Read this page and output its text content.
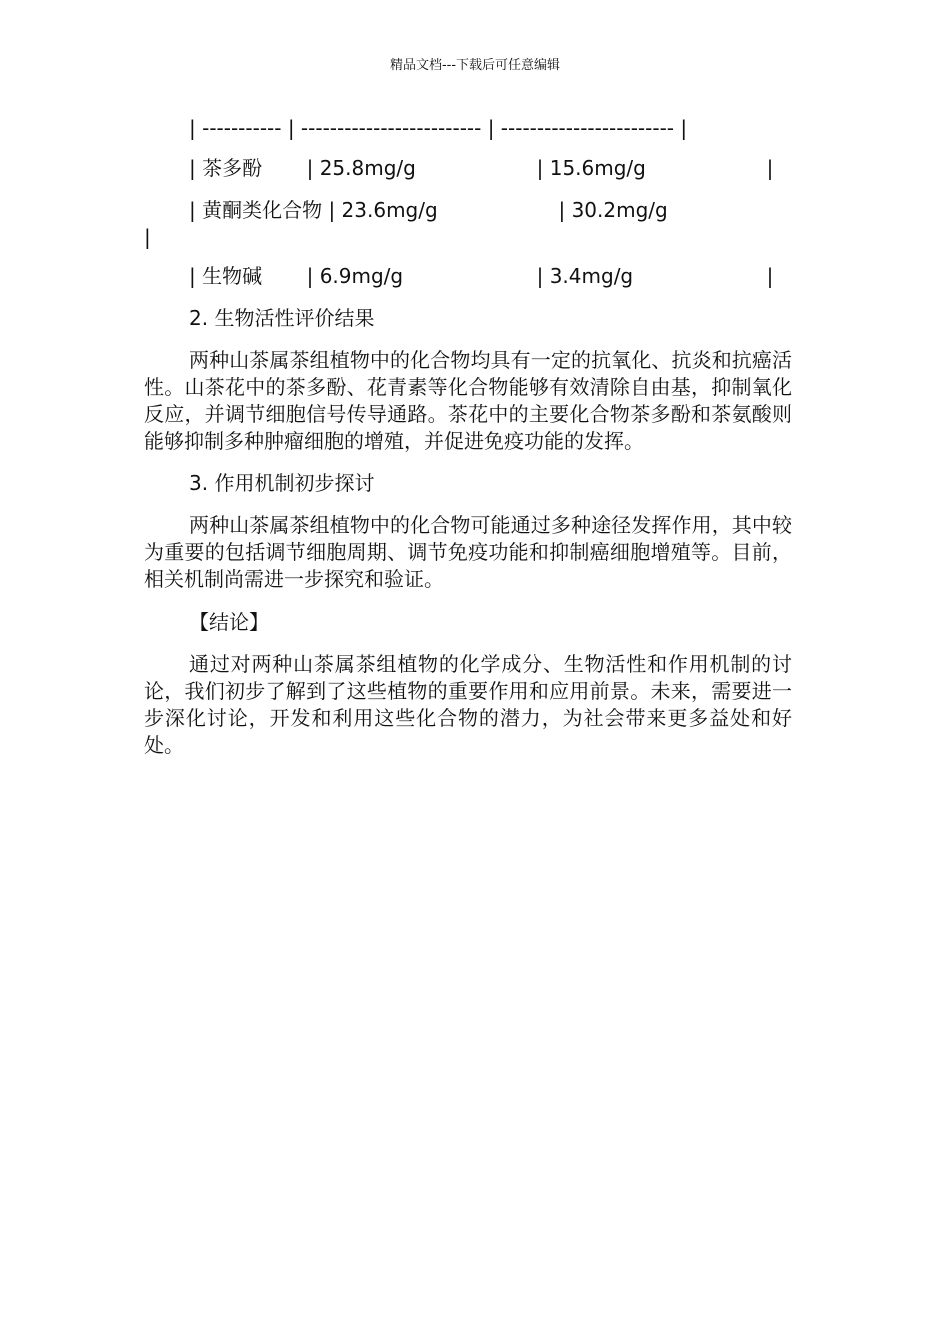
精品文档---下载后可任意编辑
| ----------- | ------------------------- | ------------------------ |
| 茶多酚       | 25.8mg/g                   | 15.6mg/g                   |
| 黄酮类化合物 | 23.6mg/g                   | 30.2mg/g
|
| 生物碱       | 6.9mg/g                     | 3.4mg/g                     |
2. 生物活性评价结果

两种山茶属茶组植物中的化合物均具有一定的抗氧化、抗炎和抗癌活性。山茶花中的茶多酚、花青素等化合物能够有效清除自由基，抑制氧化反应，并调节细胞信号传导通路。茶花中的主要化合物茶多酚和茶氨酸则能够抑制多种肿瘤细胞的增殖，并促进免疫功能的发挥。

3. 作用机制初步探讨

两种山茶属茶组植物中的化合物可能通过多种途径发挥作用，其中较为重要的包括调节细胞周期、调节免疫功能和抑制癌细胞增殖等。目前，相关机制尚需进一步探究和验证。

【结论】

通过对两种山茶属茶组植物的化学成分、生物活性和作用机制的讨论，我们初步了解到了这些植物的重要作用和应用前景。未来，需要进一步深化讨论，开发和利用这些化合物的潜力，为社会带来更多益处和好处。
